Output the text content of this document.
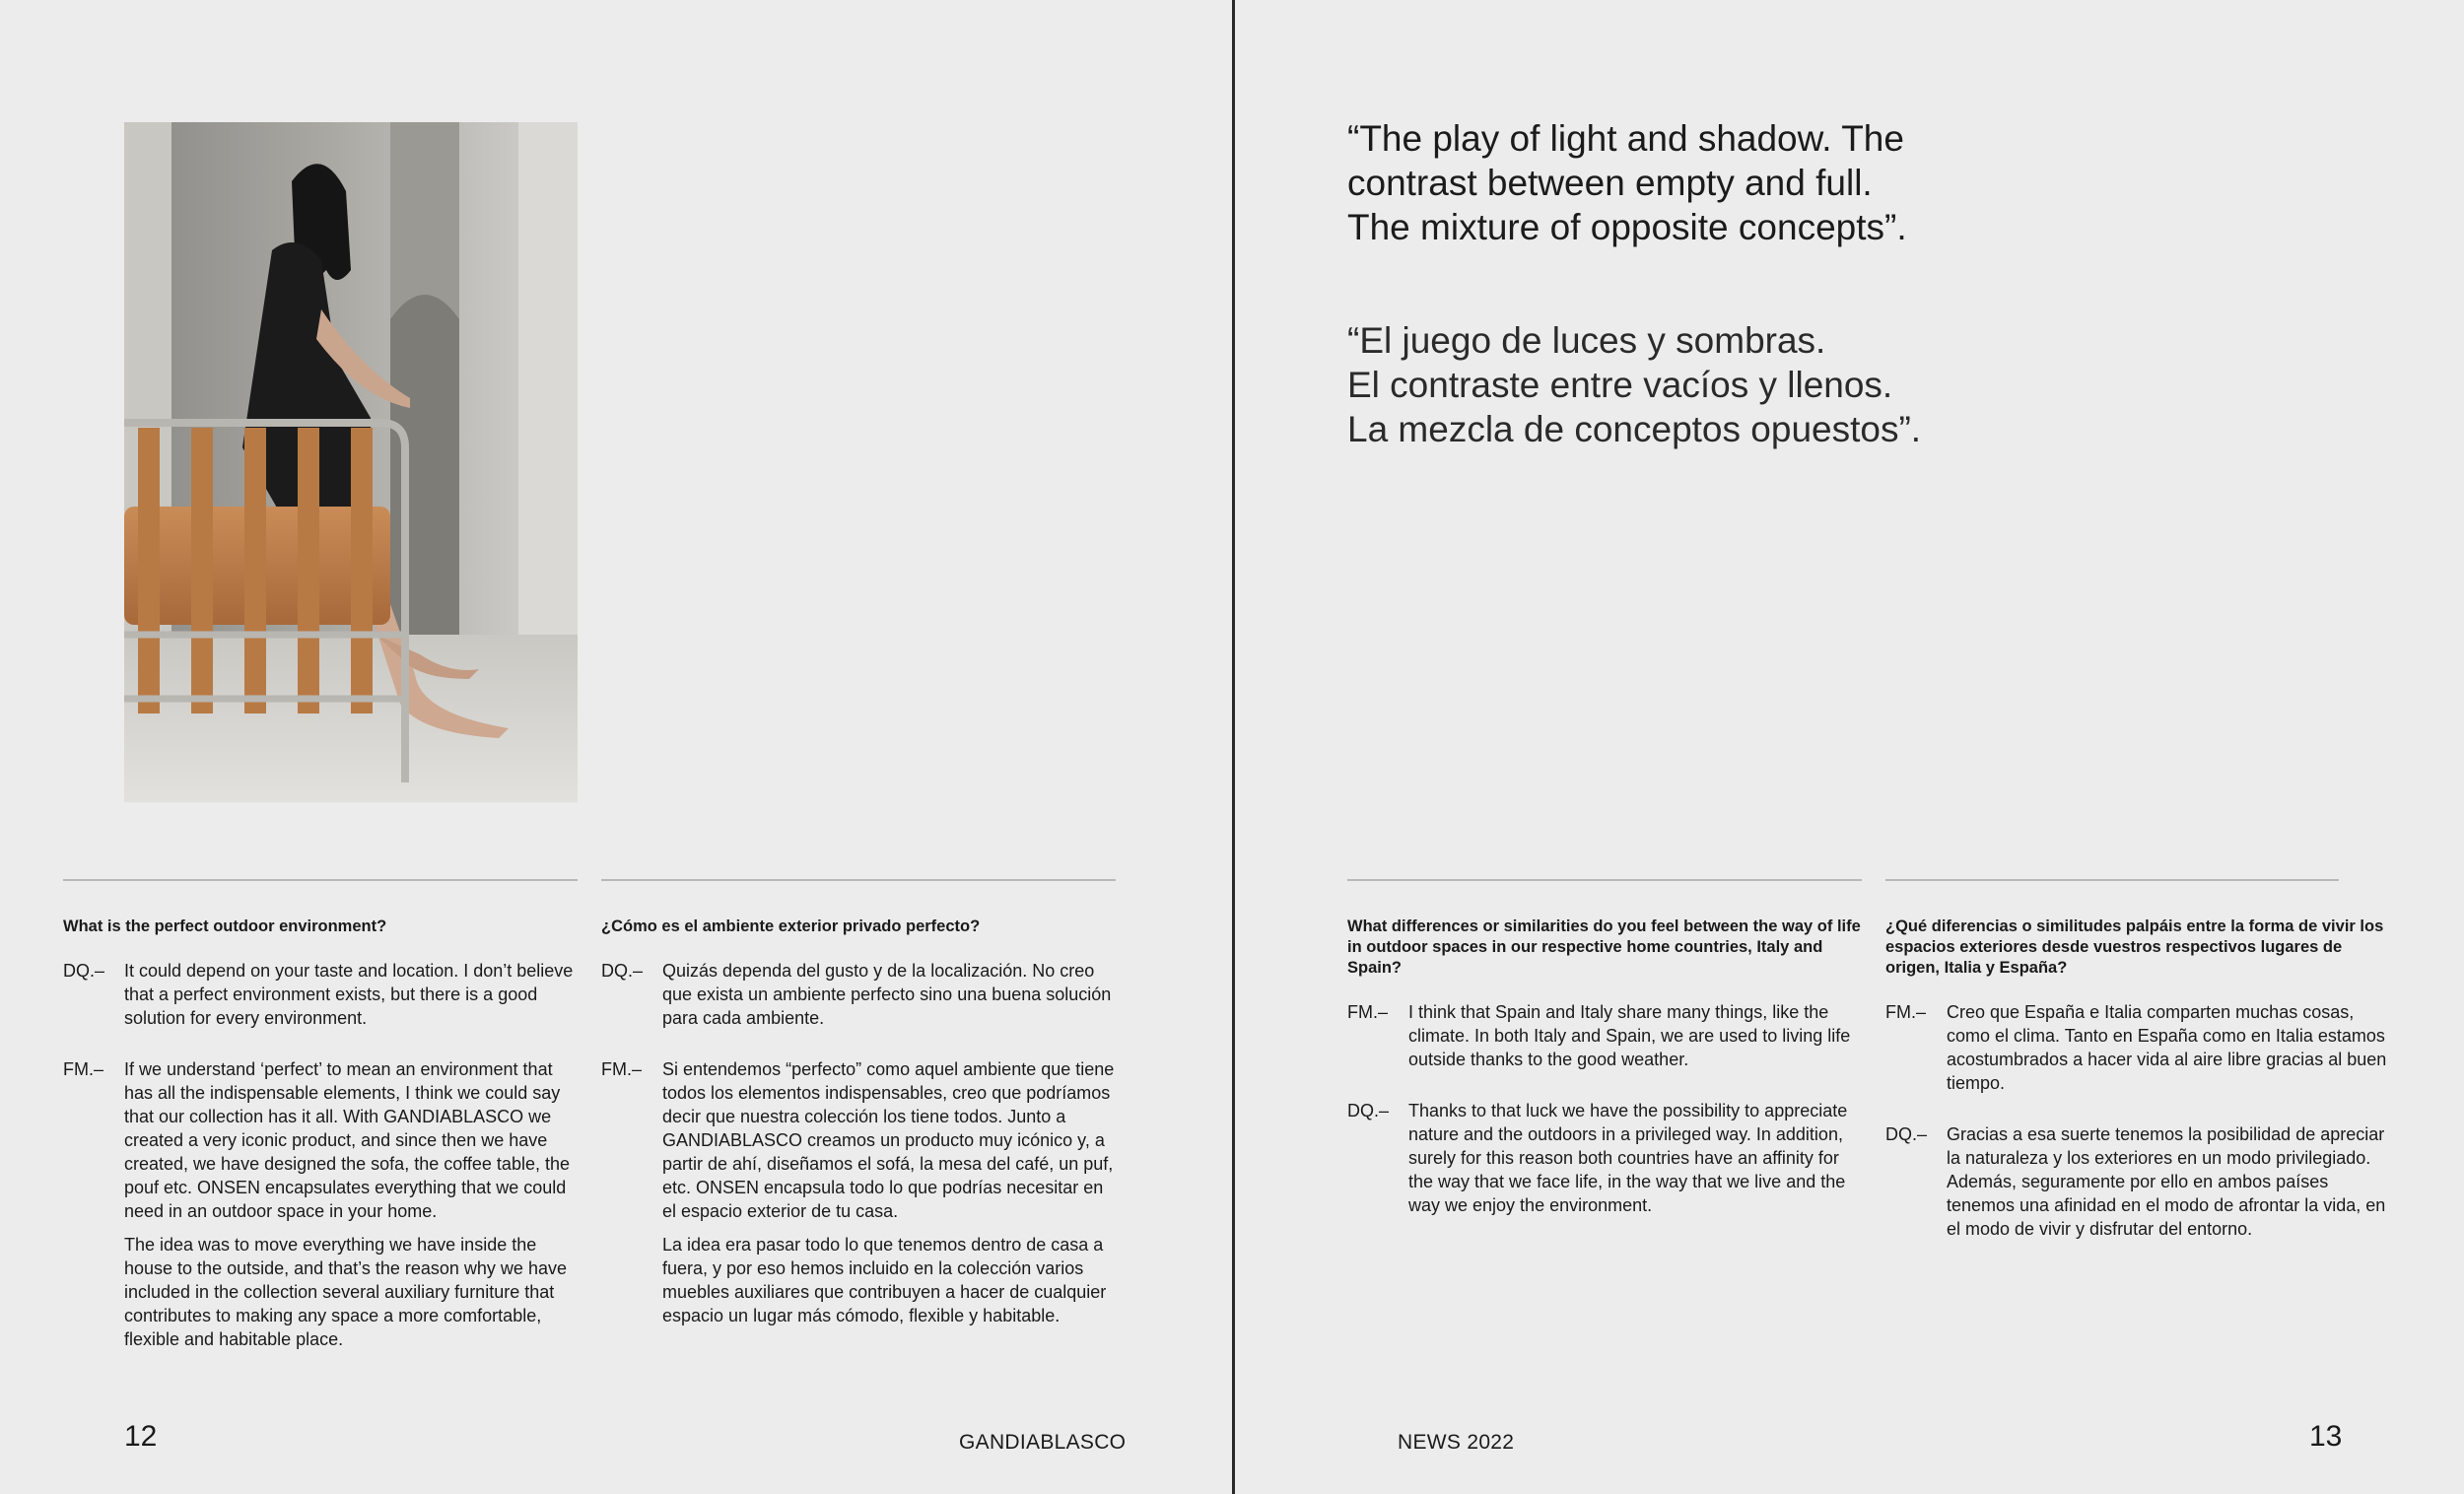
What is the perfect outdoor environment?
DQ.–	It could depend on your taste and location. I don’t believe that a perfect environment exists, but there is a good solution for every environment.

FM.–	If we understand ‘perfect’ to mean an environment that has all the indispensable elements, I think we could say that our collection has it all. With GANDIABLASCO we created a very iconic product, and since then we have created, we have designed the sofa, the coffee table, the pouf etc. ONSEN encapsulates everything that we could need in an outdoor space in your home.

The idea was to move everything we have inside the house to the outside, and that’s the reason why we have included in the collection several auxiliary furniture that contributes to making any space a more comfortable, flexible and habitable place.

¿Cómo es el ambiente exterior privado perfecto?
DQ.–	Quizás dependa del gusto y de la localización. No creo que exista un ambiente perfecto sino una buena solución para cada ambiente.

FM.–	Si entendemos “perfecto” como aquel ambiente que tiene todos los elementos indispensables, creo que podríamos decir que nuestra colección los tiene todos. Junto a GANDIABLASCO creamos un producto muy icónico y, a partir de ahí, diseñamos el sofá, la mesa del café, un puf, etc. ONSEN encapsula todo lo que podrías necesitar en el espacio exterior de tu casa.

La idea era pasar todo lo que tenemos dentro de casa a fuera, y por eso hemos incluido en la colección varios muebles auxiliares que contribuyen a hacer de cualquier espacio un lugar más cómodo, flexible y habitable.

12	GANDIABLASCO
“The play of light and shadow. The
contrast between empty and full.
The mixture of opposite concepts”.
“El juego de luces y sombras.
El contraste entre vacíos y llenos.
La mezcla de conceptos opuestos”.
What differences or similarities do you feel between the way of life in outdoor spaces in our respective home countries, Italy and Spain?
FM.–	I think that Spain and Italy share many things, like the climate. In both Italy and Spain, we are used to living life outside thanks to the good weather.

DQ.–	Thanks to that luck we have the possibility to appreciate nature and the outdoors in a privileged way. In addition, surely for this reason both countries have an affinity for the way that we face life, in the way that we live and the way we enjoy the environment.

¿Qué diferencias o similitudes palpáis entre la forma de vivir los espacios exteriores desde vuestros respectivos lugares de origen, Italia y España?
FM.–	Creo que España e Italia comparten muchas cosas, como el clima. Tanto en España como en Italia estamos acostumbrados a hacer vida al aire libre gracias al buen tiempo.

DQ.–	Gracias a esa suerte tenemos la posibilidad de apreciar la naturaleza y los exteriores en un modo privilegiado. Además, seguramente por ello en ambos países tenemos una afinidad en el modo de afrontar la vida, en el modo de vivir y disfrutar del entorno.

NEWS 2022	13
